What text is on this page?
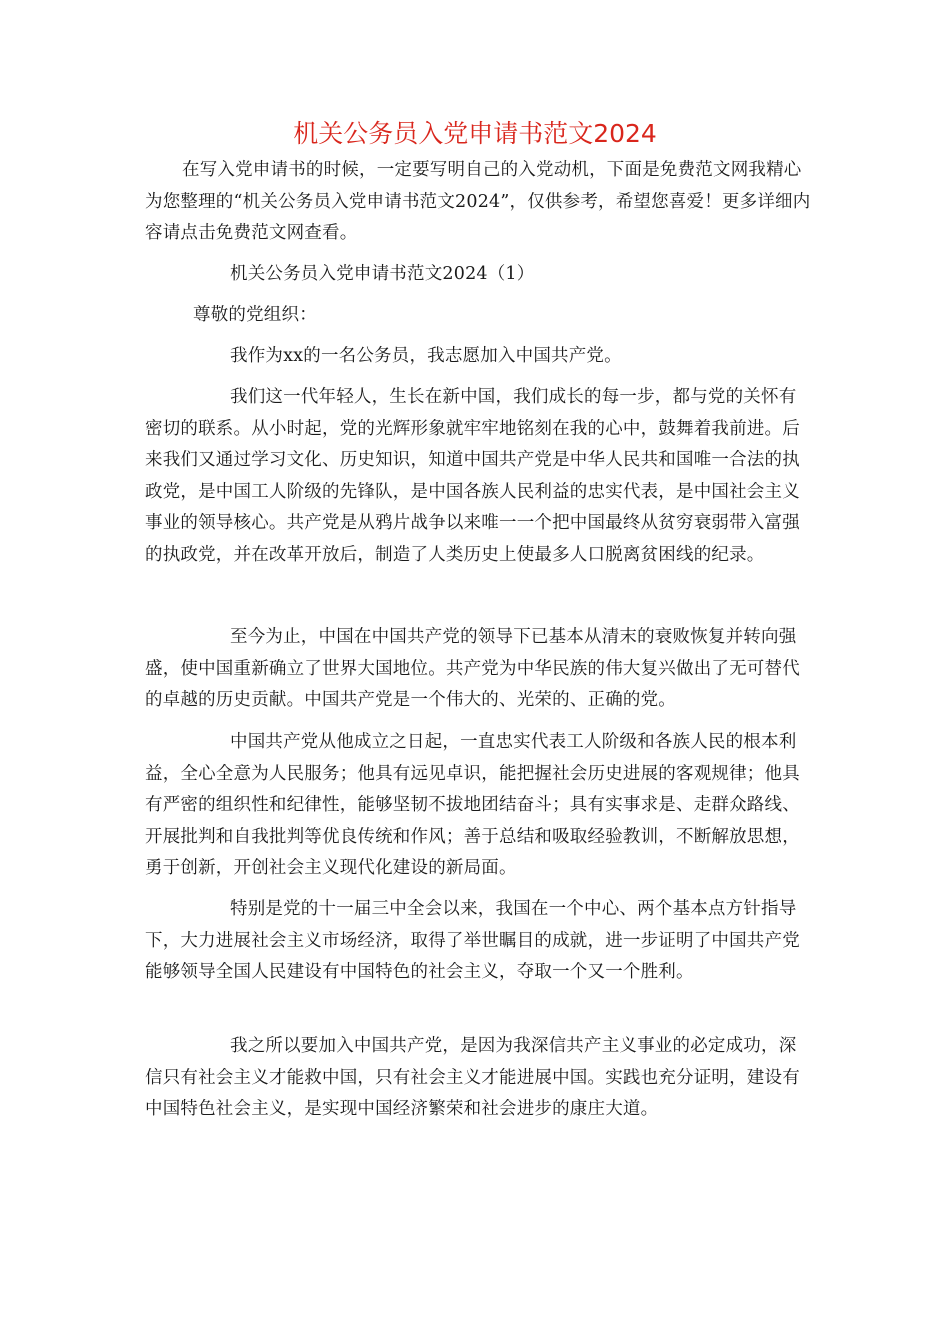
机关公务员入党申请书范文2024

在写入党申请书的时候，一定要写明自己的入党动机，下面是免费范文网我精心为您整理的“机关公务员入党申请书范文2024”，仅供参考，希望您喜爱！更多详细内容请点击免费范文网查看。

机关公务员入党申请书范文2024（1）

尊敬的党组织：

我作为xx的一名公务员，我志愿加入中国共产党。

我们这一代年轻人，生长在新中国，我们成长的每一步，都与党的关怀有密切的联系。从小时起，党的光辉形象就牢牢地铭刻在我的心中，鼓舞着我前进。后来我们又通过学习文化、历史知识，知道中国共产党是中华人民共和国唯一合法的执政党，是中国工人阶级的先锋队，是中国各族人民利益的忠实代表，是中国社会主义事业的领导核心。共产党是从鸦片战争以来唯一一个把中国最终从贫穷衰弱带入富强的执政党，并在改革开放后，制造了人类历史上使最多人口脱离贫困线的纪录。

至今为止，中国在中国共产党的领导下已基本从清末的衰败恢复并转向强盛，使中国重新确立了世界大国地位。共产党为中华民族的伟大复兴做出了无可替代的卓越的历史贡献。中国共产党是一个伟大的、光荣的、正确的党。

中国共产党从他成立之日起，一直忠实代表工人阶级和各族人民的根本利益，全心全意为人民服务；他具有远见卓识，能把握社会历史进展的客观规律；他具有严密的组织性和纪律性，能够坚韧不拔地团结奋斗；具有实事求是、走群众路线、开展批判和自我批判等优良传统和作风；善于总结和吸取经验教训，不断解放思想，勇于创新，开创社会主义现代化建设的新局面。

特别是党的十一届三中全会以来，我国在一个中心、两个基本点方针指导下，大力进展社会主义市场经济，取得了举世瞩目的成就，进一步证明了中国共产党能够领导全国人民建设有中国特色的社会主义，夺取一个又一个胜利。

我之所以要加入中国共产党，是因为我深信共产主义事业的必定成功，深信只有社会主义才能救中国，只有社会主义才能进展中国。实践也充分证明，建设有中国特色社会主义，是实现中国经济繁荣和社会进步的康庄大道。
